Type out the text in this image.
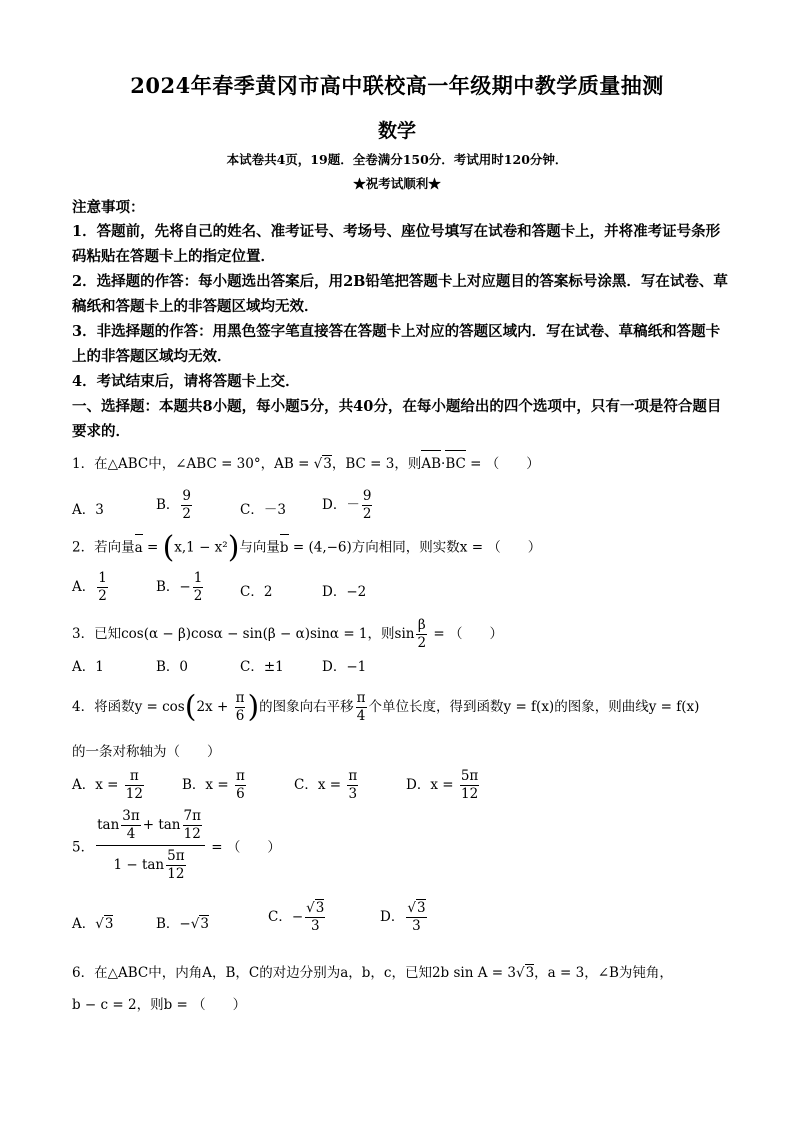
2024年春季黄冈市高中联校高一年级期中教学质量抽测
数学
本试卷共4页，19题．全卷满分150分．考试用时120分钟．
★祝考试顺利★
注意事项：
1．答题前，先将自己的姓名、准考证号、考场号、座位号填写在试卷和答题卡上，并将准考证号条形码粘贴在答题卡上的指定位置．
2．选择题的作答：每小题选出答案后，用2B铅笔把答题卡上对应题目的答案标号涂黑．写在试卷、草稿纸和答题卡上的非答题区域均无效．
3．非选择题的作答：用黑色签字笔直接答在答题卡上对应的答题区域内．写在试卷、草稿纸和答题卡上的非答题区域均无效．
4．考试结束后，请将答题卡上交．
一、选择题：本题共8小题，每小题5分，共40分，在每小题给出的四个选项中，只有一项是符合题目要求的．
1．在△ABC中，∠ABC = 30°，AB = √3，BC = 3，则AB·BC = （　　）
A．3	B． $\frac{9}{2}$	C．－3	D．－ $\frac{9}{2}$
2．若向量a = (x,1 − x²)与向量b = (4,−6)方向相同，则实数x = （　　）
A． $\frac{1}{2}$	B．− $\frac{1}{2}$	C．2	D．−2
3．已知cos(α − β)cosα − sin(β − α)sinα = 1，则$\sin \frac{\beta}{2}$ = （　　）
A．1	B．0	C．±1	D．−1
4．将函数$y = \cos(2x + \frac{\pi}{6}$ )的图象向右平移 $\frac{\pi}{4}$ 个单位长度，得到函数y = f(x)的图象，则曲线y = f(x)
的一条对称轴为（　　）
A．$x = \frac{\pi}{12}$	B．$x = \frac{\pi}{6}$	C．$x = \frac{\pi}{3}$	D．$x = \frac{5\pi}{12}$
5． $\frac{\tan \frac{3\pi}{4} + \tan \frac{7\pi}{12}}{1 - \tan \frac{5\pi}{12}}$ = （　　）
A．√3	B．−√3	C．− $\frac{√3}{3}$	D． $\frac{√3}{3}$
6．在△ABC中，内角A，B，C的对边分别为a，b，c，已知2b sin A = 3√3，a = 3，∠B为钝角，
b − c = 2，则b = （　　）
